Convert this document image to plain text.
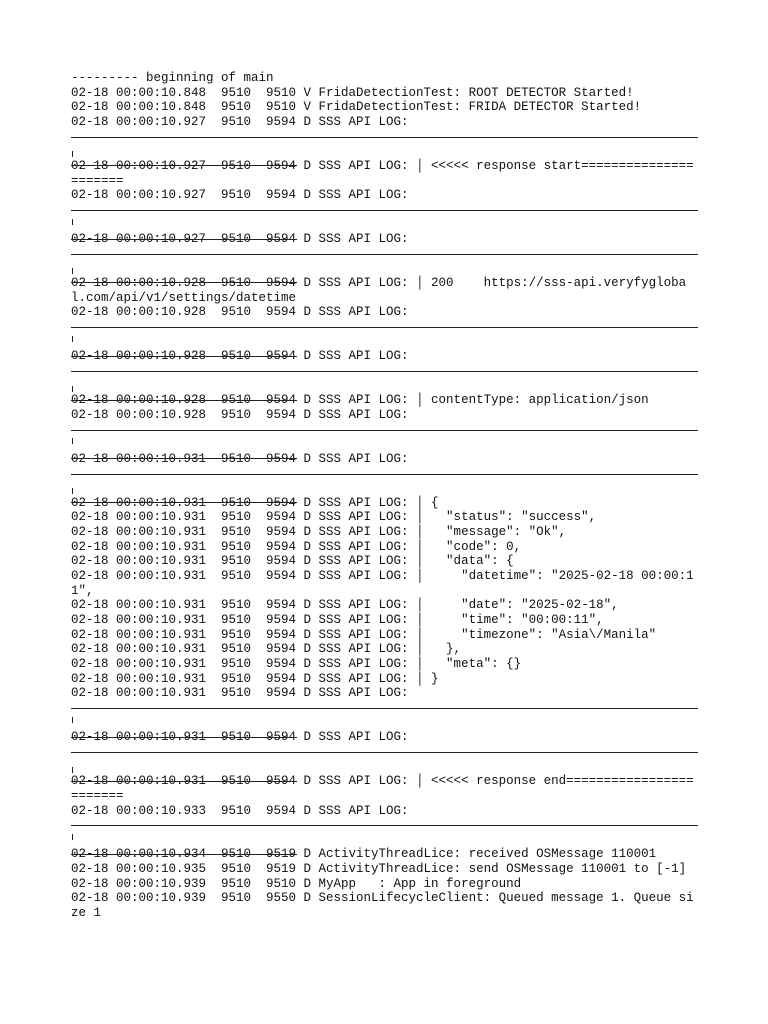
--------- beginning of main
02-18 00:00:10.848  9510  9510 V FridaDetectionTest: ROOT DETECTOR Started!
02-18 00:00:10.848  9510  9510 V FridaDetectionTest: FRIDA DETECTOR Started!
02-18 00:00:10.927  9510  9594 D SSS API LOG:
02-18 00:00:10.927  9510  9594 D SSS API LOG: │ <<<<< response start======================
02-18 00:00:10.927  9510  9594 D SSS API LOG:
02-18 00:00:10.927  9510  9594 D SSS API LOG:
02-18 00:00:10.928  9510  9594 D SSS API LOG: │ 200    https://sss-api.veryfyglobal.com/api/v1/settings/datetime
02-18 00:00:10.928  9510  9594 D SSS API LOG:
02-18 00:00:10.928  9510  9594 D SSS API LOG:
02-18 00:00:10.928  9510  9594 D SSS API LOG: │ contentType: application/json
02-18 00:00:10.928  9510  9594 D SSS API LOG:
02-18 00:00:10.931  9510  9594 D SSS API LOG:
02-18 00:00:10.931  9510  9594 D SSS API LOG: │ {
02-18 00:00:10.931  9510  9594 D SSS API LOG: │   "status": "success",
02-18 00:00:10.931  9510  9594 D SSS API LOG: │   "message": "Ok",
02-18 00:00:10.931  9510  9594 D SSS API LOG: │   "code": 0,
02-18 00:00:10.931  9510  9594 D SSS API LOG: │   "data": {
02-18 00:00:10.931  9510  9594 D SSS API LOG: │     "datetime": "2025-02-18 00:00:11",
02-18 00:00:10.931  9510  9594 D SSS API LOG: │     "date": "2025-02-18",
02-18 00:00:10.931  9510  9594 D SSS API LOG: │     "time": "00:00:11",
02-18 00:00:10.931  9510  9594 D SSS API LOG: │     "timezone": "Asia\/Manila"
02-18 00:00:10.931  9510  9594 D SSS API LOG: │   },
02-18 00:00:10.931  9510  9594 D SSS API LOG: │   "meta": {}
02-18 00:00:10.931  9510  9594 D SSS API LOG: │ }
02-18 00:00:10.931  9510  9594 D SSS API LOG:
02-18 00:00:10.931  9510  9594 D SSS API LOG:
02-18 00:00:10.931  9510  9594 D SSS API LOG: │ <<<<< response end========================
02-18 00:00:10.933  9510  9594 D SSS API LOG:
02-18 00:00:10.934  9510  9519 D ActivityThreadLice: received OSMessage 110001
02-18 00:00:10.935  9510  9519 D ActivityThreadLice: send OSMessage 110001 to [-1]
02-18 00:00:10.939  9510  9510 D MyApp   : App in foreground
02-18 00:00:10.939  9510  9550 D SessionLifecycleClient: Queued message 1. Queue size 1
